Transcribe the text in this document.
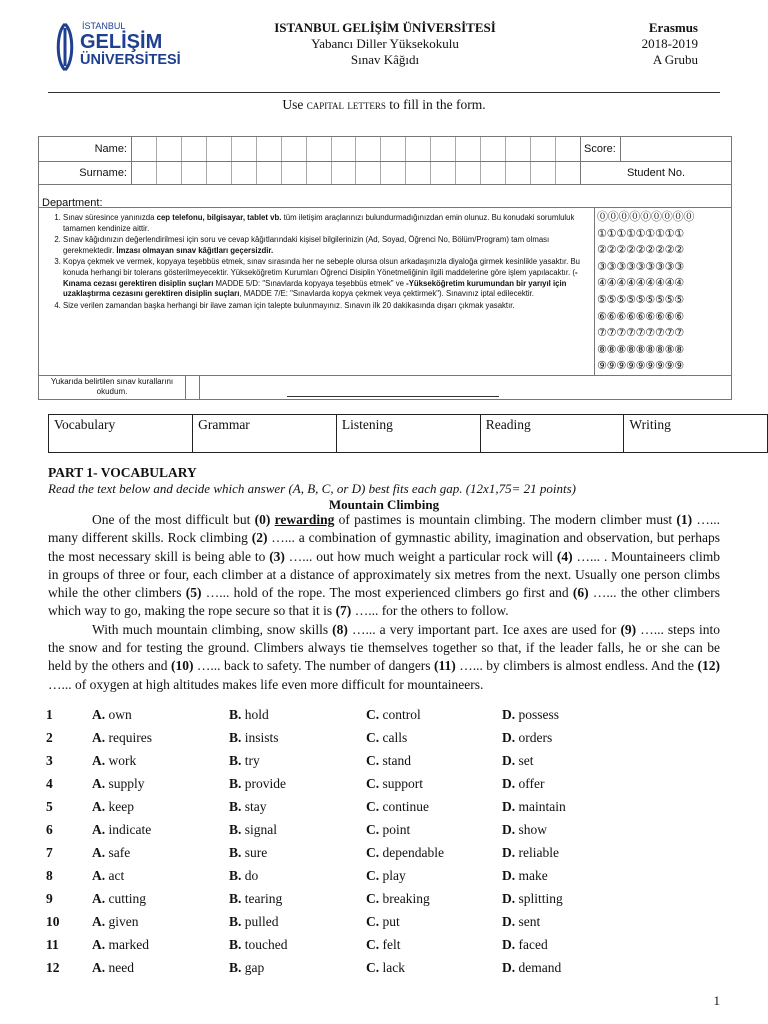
İSTANBUL
GELİŞİM
ÜNİVERSİTESİ
ISTANBUL GELİŞİM ÜNİVERSİTESİ
Yabancı Diller Yüksekokulu
Sınav Kâğıdı
Erasmus
2018-2019
A Grubu
Use capital letters to fill in the form.
Name:		Score:	
Surname:		Student No.	
Department:			
1. Sınav süresince yanınızda cep telefonu, bilgisayar, tablet vb. tüm iletişim araçlarınızı bulundurmadığınızdan emin olunuz. Bu konudaki sorumluluk tamamen kendinize aittir.
2. Sınav kâğıdınızın değerlendirilmesi için soru ve cevap kâğıtlarındaki kişisel bilgilerinizin (Ad, Soyad, Öğrenci No, Bölüm/Program) tam olması gerekmektedir. İmzası olmayan sınav kâğıtları geçersizdir.
3. Kopya çekmek ve vermek, kopyaya teşebbüs etmek, sınav sırasında her ne sebeple olursa olsun arkadaşınızla diyaloğa girmek kesinlikle yasaktır. Bu konuda herhangi bir tolerans gösterilmeyecektir. Yükseköğretim Kurumları Öğrenci Disiplin Yönetmeliğinin ilgili maddelerine göre işlem yapılacaktır. (-Kınama cezası gerektiren disiplin suçları MADDE 5/D: "Sınavlarda kopyaya teşebbüs etmek" ve -Yükseköğretim kurumundan bir yarıyıl için uzaklaştırma cezasını gerektiren disiplin suçları, MADDE 7/E: "Sınavlarda kopya çekmek veya çektirmek"). Sınavınız iptal edilecektir.
4. Size verilen zamandan başka herhangi bir ilave zaman için talepte bulunmayınız. Sınavın ilk 20 dakikasında dışarı çıkmak yasaktır.
⓪⓪⓪⓪⓪⓪⓪⓪⓪
①①①①①①①①①
②②②②②②②②②
③③③③③③③③③
④④④④④④④④④
⑤⑤⑤⑤⑤⑤⑤⑤⑤
⑥⑥⑥⑥⑥⑥⑥⑥⑥
⑦⑦⑦⑦⑦⑦⑦⑦⑦
⑧⑧⑧⑧⑧⑧⑧⑧⑧
⑨⑨⑨⑨⑨⑨⑨⑨⑨
Yukarıda belirtilen sınav kurallarını okudum.
Vocabulary	Grammar	Listening	Reading	Writing
PART 1- VOCABULARY
Read the text below and decide which answer (A, B, C, or D) best fits each gap. (12x1,75= 21 points)
Mountain Climbing

One of the most difficult but (0) rewarding of pastimes is mountain climbing. The modern climber must (1) …... many different skills. Rock climbing (2) …... a combination of gymnastic ability, imagination and observation, but perhaps the most necessary skill is being able to (3) …... out how much weight a particular rock will (4) …... . Mountaineers climb in groups of three or four, each climber at a distance of approximately six metres from the next. Usually one person climbs while the other climbers (5) …... hold of the rope. The most experienced climbers go first and (6) …... the other climbers which way to go, making the rope secure so that it is (7) …... for the others to follow.

With much mountain climbing, snow skills (8) …... a very important part. Ice axes are used for (9) …... steps into the snow and for testing the ground. Climbers always tie themselves together so that, if the leader falls, he or she can be held by the others and (10) …... back to safety. The number of dangers (11) …... by climbers is almost endless. And the (12) …... of oxygen at high altitudes makes life even more difficult for mountaineers.

1	A. own	B. hold	C. control	D. possess
2	A. requires	B. insists	C. calls	D. orders
3	A. work	B. try	C. stand	D. set
4	A. supply	B. provide	C. support	D. offer
5	A. keep	B. stay	C. continue	D. maintain
6	A. indicate	B. signal	C. point	D. show
7	A. safe	B. sure	C. dependable	D. reliable
8	A. act	B. do	C. play	D. make
9	A. cutting	B. tearing	C. breaking	D. splitting
10 A. given	B. pulled	C. put	D. sent
11 A. marked	B. touched	C. felt	D. faced
12 A. need	B. gap	C. lack	D. demand
1
